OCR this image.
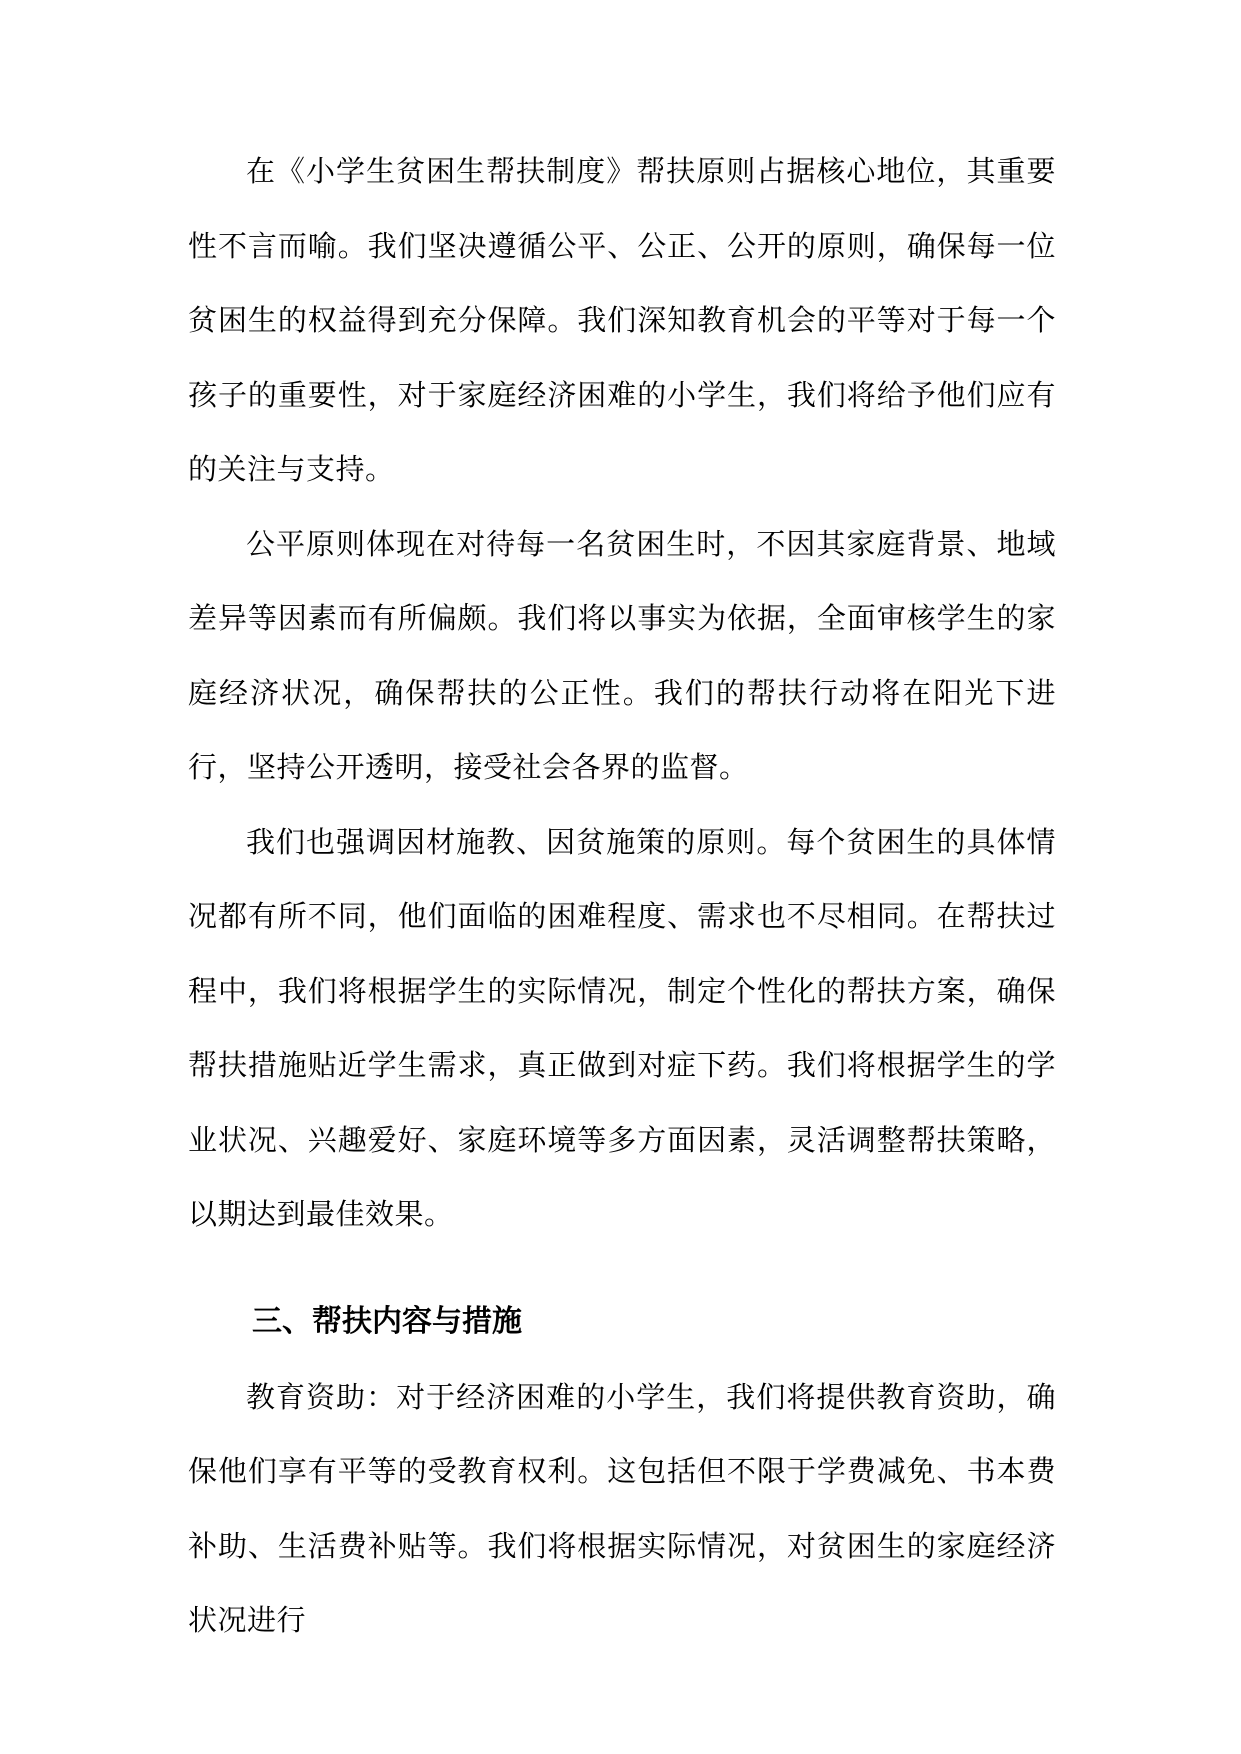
在《小学生贫困生帮扶制度》帮扶原则占据核心地位，其重要性不言而喻。我们坚决遵循公平、公正、公开的原则，确保每一位贫困生的权益得到充分保障。我们深知教育机会的平等对于每一个孩子的重要性，对于家庭经济困难的小学生，我们将给予他们应有的关注与支持。

公平原则体现在对待每一名贫困生时，不因其家庭背景、地域差异等因素而有所偏颇。我们将以事实为依据，全面审核学生的家庭经济状况，确保帮扶的公正性。我们的帮扶行动将在阳光下进行，坚持公开透明，接受社会各界的监督。

我们也强调因材施教、因贫施策的原则。每个贫困生的具体情况都有所不同，他们面临的困难程度、需求也不尽相同。在帮扶过程中，我们将根据学生的实际情况，制定个性化的帮扶方案，确保帮扶措施贴近学生需求，真正做到对症下药。我们将根据学生的学业状况、兴趣爱好、家庭环境等多方面因素，灵活调整帮扶策略，以期达到最佳效果。

三、帮扶内容与措施

教育资助：对于经济困难的小学生，我们将提供教育资助，确保他们享有平等的受教育权利。这包括但不限于学费减免、书本费补助、生活费补贴等。我们将根据实际情况，对贫困生的家庭经济状况进行
